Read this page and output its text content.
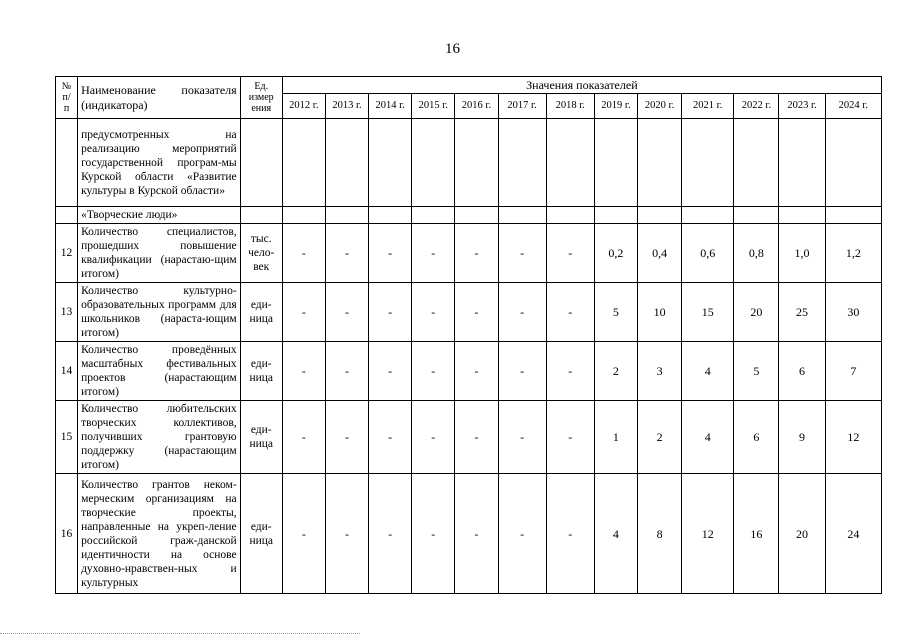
16
№ п/ п	Наименование показателя (индикатора)	Ед. измер ения	Значения показателей												
			2012 г.	2013 г.	2014 г.	2015 г.	2016 г.	2017 г.	2018 г.	2019 г.	2020 г.	2021 г.	2022 г.	2023 г.	2024 г.
	предусмотренных на реализацию мероприятий государственной програм-мы Курской области «Развитие культуры в Курской области»														
	«Творческие люди»														
12	Количество специалистов, прошедших повышение квалификации (нарастаю-щим итогом)	тыс. чело-век	-	-	-	-	-	-	-	0,2	0,4	0,6	0,8	1,0	1,2
13	Количество культурно-образовательных программ для школьников (нараста-ющим итогом)	еди-ница	-	-	-	-	-	-	-	5	10	15	20	25	30
14	Количество проведённых масштабных фестивальных проектов (нарастающим итогом)	еди-ница	-	-	-	-	-	-	-	2	3	4	5	6	7
15	Количество любительских творческих коллективов, получивших грантовую поддержку (нарастающим итогом)	еди-ница	-	-	-	-	-	-	-	1	2	4	6	9	12
16	Количество грантов неком-мерческим организациям на творческие проекты, направленные на укреп-ление российской граж-данской идентичности на основе духовно-нравствен-ных и культурных	еди-ница	-	-	-	-	-	-	-	4	8	12	16	20	24
